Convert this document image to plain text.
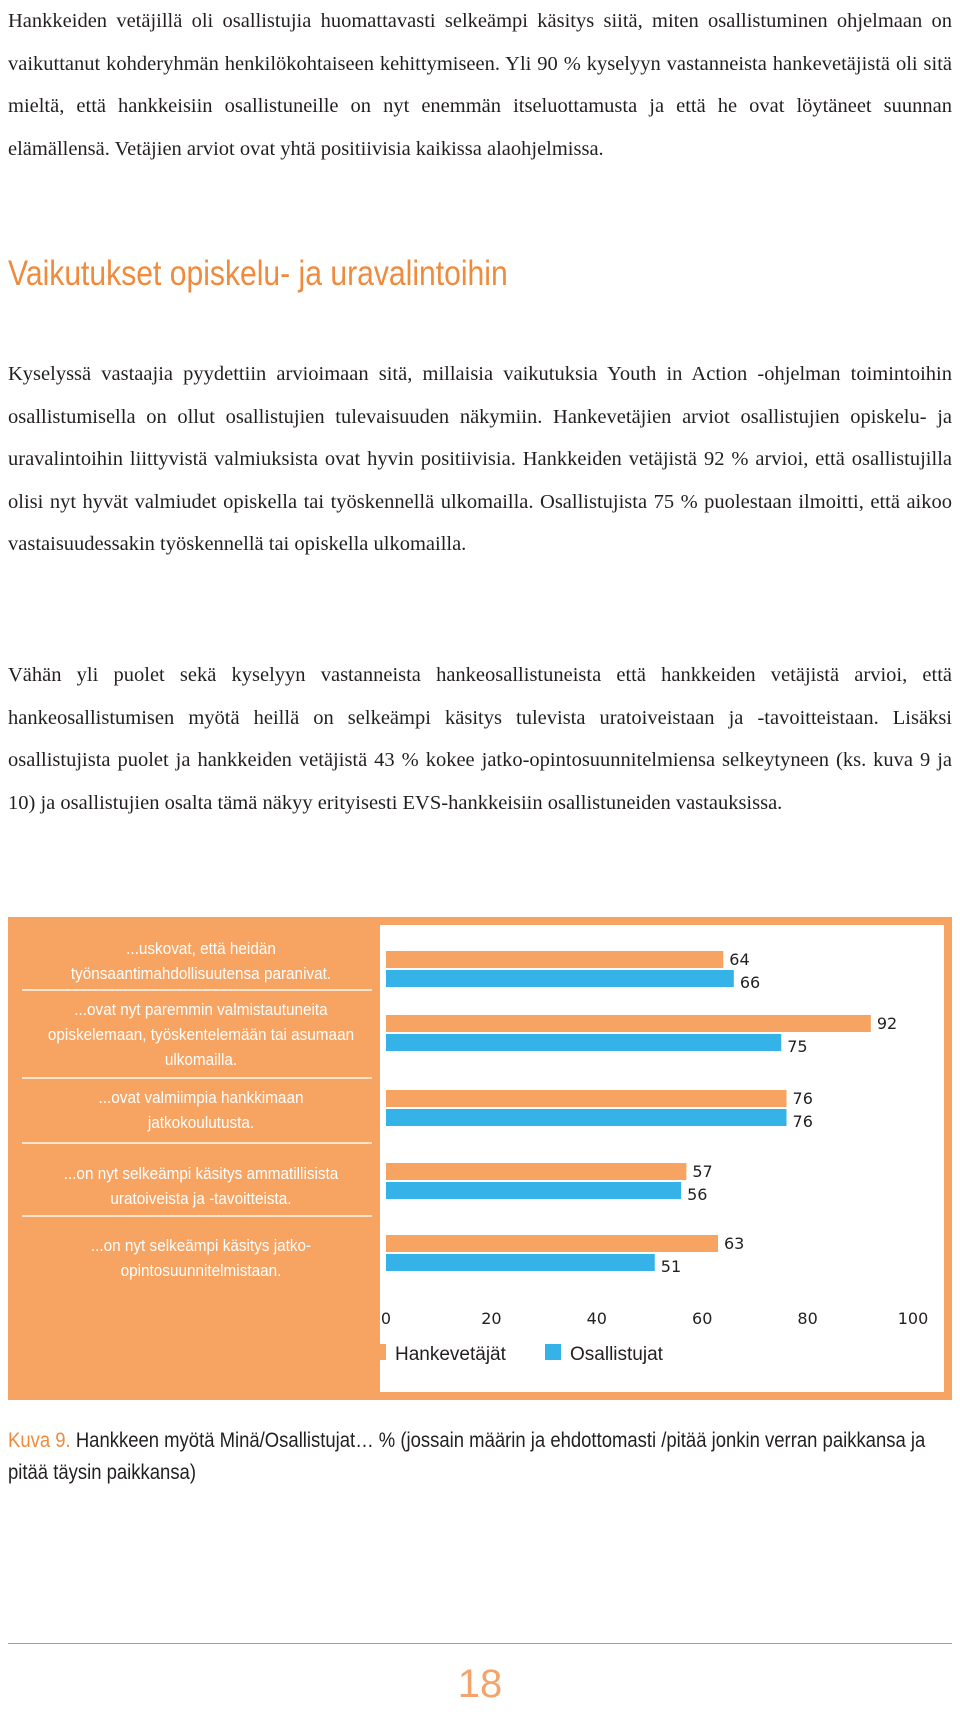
Hankkeiden vetäjillä oli osallistujia huomattavasti selkeämpi käsitys siitä, miten osallistuminen ohjelmaan on vaikuttanut kohderyhmän henkilökohtaiseen kehittymiseen. Yli 90 % kyselyyn vastanneista hankevetäjistä oli sitä mieltä, että hankkeisiin osallistuneille on nyt enemmän itseluottamusta ja että he ovat löytäneet suunnan elämällensä. Vetäjien arviot ovat yhtä positiivisia kaikissa alaohjelmissa.

Vaikutukset opiskelu- ja uravalintoihin

Kyselyssä vastaajia pyydettiin arvioimaan sitä, millaisia vaikutuksia Youth in Action -ohjelman toimintoihin osallistumisella on ollut osallistujien tulevaisuuden näkymiin. Hankevetäjien arviot osallistujien opiskelu- ja uravalintoihin liittyvistä valmiuksista ovat hyvin positiivisia. Hankkeiden vetäjistä 92 % arvioi, että osallistujilla olisi nyt hyvät valmiudet opiskella tai työskennellä ulkomailla. Osallistujista 75 % puolestaan ilmoitti, että aikoo vastaisuudessakin työskennellä tai opiskella ulkomailla.

Vähän yli puolet sekä kyselyyn vastanneista hankeosallistuneista että hankkeiden vetäjistä arvioi, että hankeosallistumisen myötä heillä on selkeämpi käsitys tulevista uratoiveistaan ja -tavoitteistaan. Lisäksi osallistujista puolet ja hankkeiden vetäjistä 43 % kokee jatko-opintosuunnitelmiensa selkeytyneen (ks. kuva 9 ja 10) ja osallistujien osalta tämä näkyy erityisesti EVS-hankkeisiin osallistuneiden vastauksissa.

...uskovat, että heidän työnsaantimahdollisuutensa paranivat.
...ovat nyt paremmin valmistautuneita opiskelemaan, työskentelemään tai asumaan ulkomailla.
...ovat valmiimpia hankkimaan jatkokoulutusta.
...on nyt selkeämpi käsitys ammatillisista uratoiveista ja -tavoitteista.
...on nyt selkeämpi käsitys jatko-opintosuunnitelmistaan.
64
66
92
75
76
76
57
56
63
51
0	20	40	60	80	100
Hankevetäjät	Osallistujat

Kuva 9. Hankkeen myötä Minä/Osallistujat… % (jossain määrin ja ehdottomasti /pitää jonkin verran paikkansa ja pitää täysin paikkansa)

18
